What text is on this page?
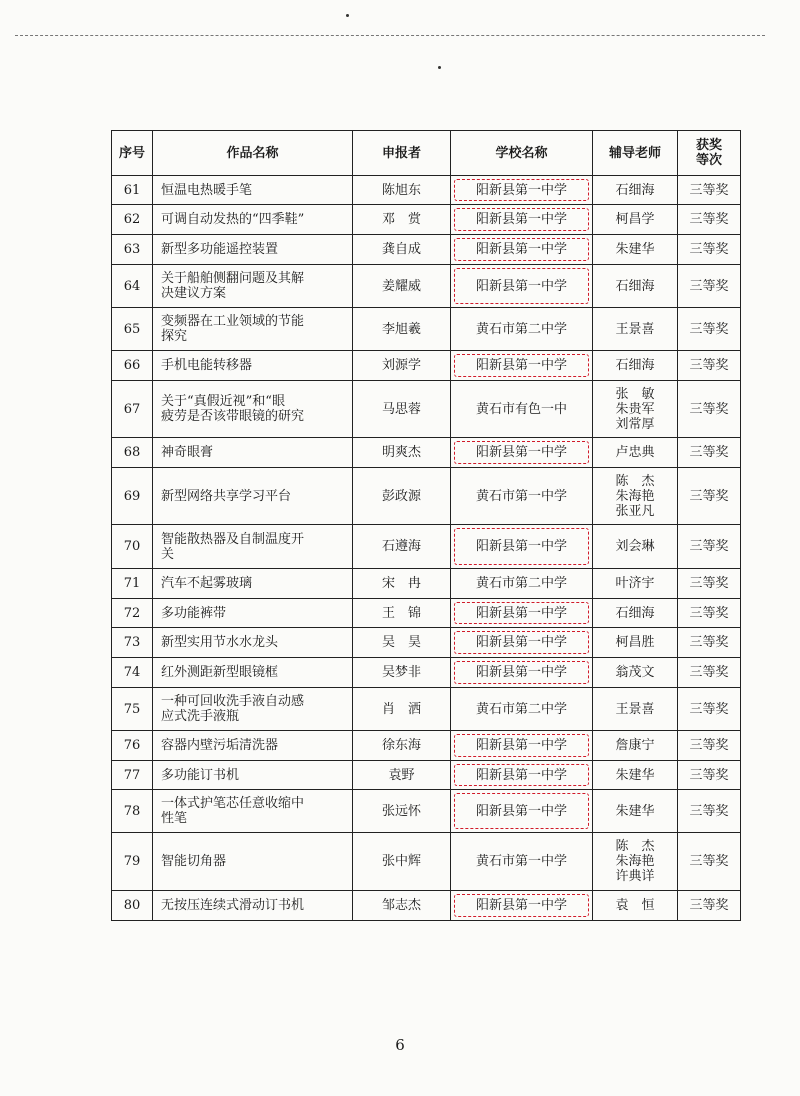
序号	作品名称	申报者	学校名称	辅导老师	获奖
等次

61	恒温电热暖手笔	陈旭东	阳新县第一中学	石细海	三等奖
62	可调自动发热的“四季鞋”	邓　赏	阳新县第一中学	柯昌学	三等奖
63	新型多功能遥控装置	龚自成	阳新县第一中学	朱建华	三等奖
64	关于船舶侧翻问题及其解
决建议方案	姜耀威	阳新县第一中学	石细海	三等奖
65	变频器在工业领域的节能
探究	李旭羲	黄石市第二中学	王景喜	三等奖
66	手机电能转移器	刘源学	阳新县第一中学	石细海	三等奖
67	关于“真假近视”和“眼
疲劳是否该带眼镜的研究	马思蓉	黄石市有色一中	张　敏
朱贵军
刘常厚	三等奖
68	神奇眼膏	明爽杰	阳新县第一中学	卢忠典	三等奖
69	新型网络共享学习平台	彭政源	黄石市第一中学	陈　杰
朱海艳
张亚凡	三等奖
70	智能散热器及自制温度开
关	石遵海	阳新县第一中学	刘会琳	三等奖
71	汽车不起雾玻璃	宋　冉	黄石市第二中学	叶济宇	三等奖
72	多功能裤带	王　锦	阳新县第一中学	石细海	三等奖
73	新型实用节水水龙头	吴　昊	阳新县第一中学	柯昌胜	三等奖
74	红外测距新型眼镜框	吴梦非	阳新县第一中学	翁茂文	三等奖
75	一种可回收洗手液自动感
应式洗手液瓶	肖　洒	黄石市第二中学	王景喜	三等奖
76	容器内壁污垢清洗器	徐东海	阳新县第一中学	詹康宁	三等奖
77	多功能订书机	袁野	阳新县第一中学	朱建华	三等奖
78	一体式护笔芯任意收缩中
性笔	张远怀	阳新县第一中学	朱建华	三等奖
79	智能切角器	张中辉	黄石市第一中学	陈　杰
朱海艳
许典详	三等奖
80	无按压连续式滑动订书机	邹志杰	阳新县第一中学	袁　恒	三等奖
6
